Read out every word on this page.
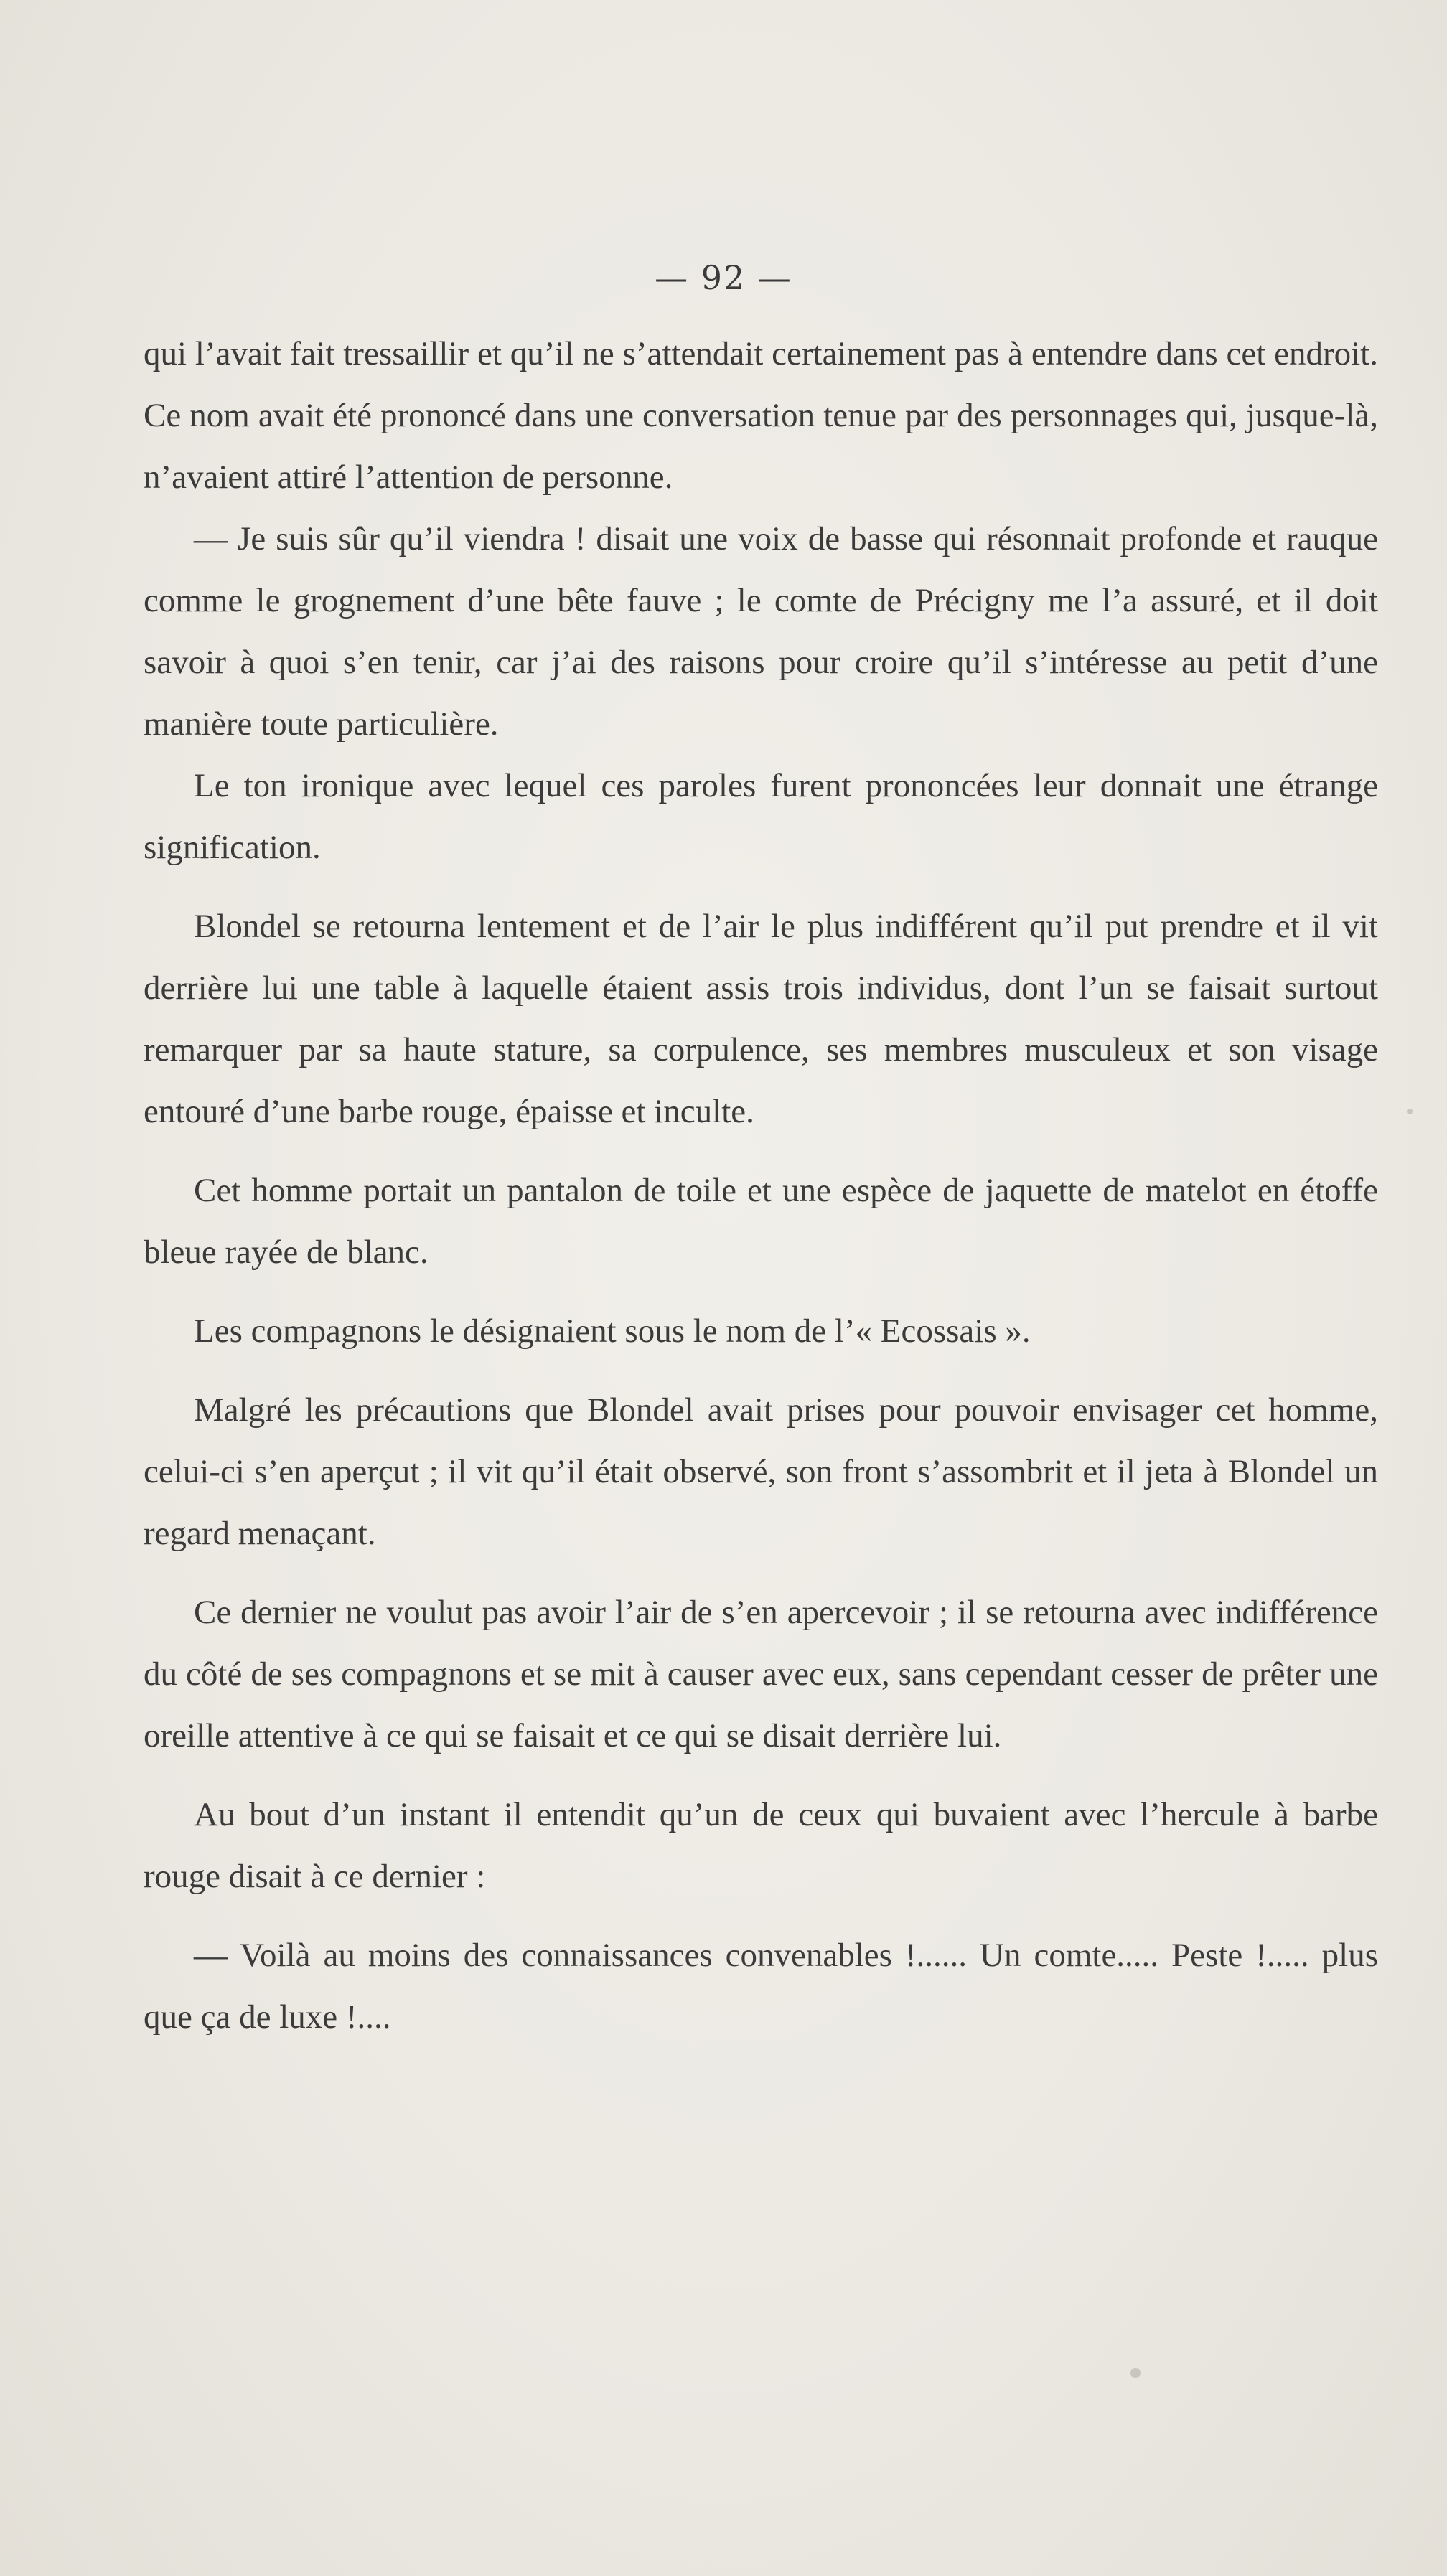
— 92 —

qui l’avait fait tressaillir et qu’il ne s’attendait certainement pas à entendre dans cet endroit. Ce nom avait été prononcé dans une conversation tenue par des personnages qui, jusque-là, n’avaient attiré l’attention de personne.

— Je suis sûr qu’il viendra ! disait une voix de basse qui résonnait profonde et rauque comme le grognement d’une bête fauve ; le comte de Précigny me l’a assuré, et il doit savoir à quoi s’en tenir, car j’ai des raisons pour croire qu’il s’intéresse au petit d’une manière toute particulière.

Le ton ironique avec lequel ces paroles furent prononcées leur donnait une étrange signification.

Blondel se retourna lentement et de l’air le plus indifférent qu’il put prendre et il vit derrière lui une table à laquelle étaient assis trois individus, dont l’un se faisait surtout remarquer par sa haute stature, sa corpulence, ses membres musculeux et son visage entouré d’une barbe rouge, épaisse et inculte.

Cet homme portait un pantalon de toile et une espèce de jaquette de matelot en étoffe bleue rayée de blanc.

Les compagnons le désignaient sous le nom de l’« Ecossais ».

Malgré les précautions que Blondel avait prises pour pouvoir envisager cet homme, celui-ci s’en aperçut ; il vit qu’il était observé, son front s’assombrit et il jeta à Blondel un regard menaçant.

Ce dernier ne voulut pas avoir l’air de s’en apercevoir ; il se retourna avec indifférence du côté de ses compagnons et se mit à causer avec eux, sans cependant cesser de prêter une oreille attentive à ce qui se faisait et ce qui se disait derrière lui.

Au bout d’un instant il entendit qu’un de ceux qui buvaient avec l’hercule à barbe rouge disait à ce dernier :

— Voilà au moins des connaissances convenables !...... Un comte..... Peste !..... plus que ça de luxe !....
